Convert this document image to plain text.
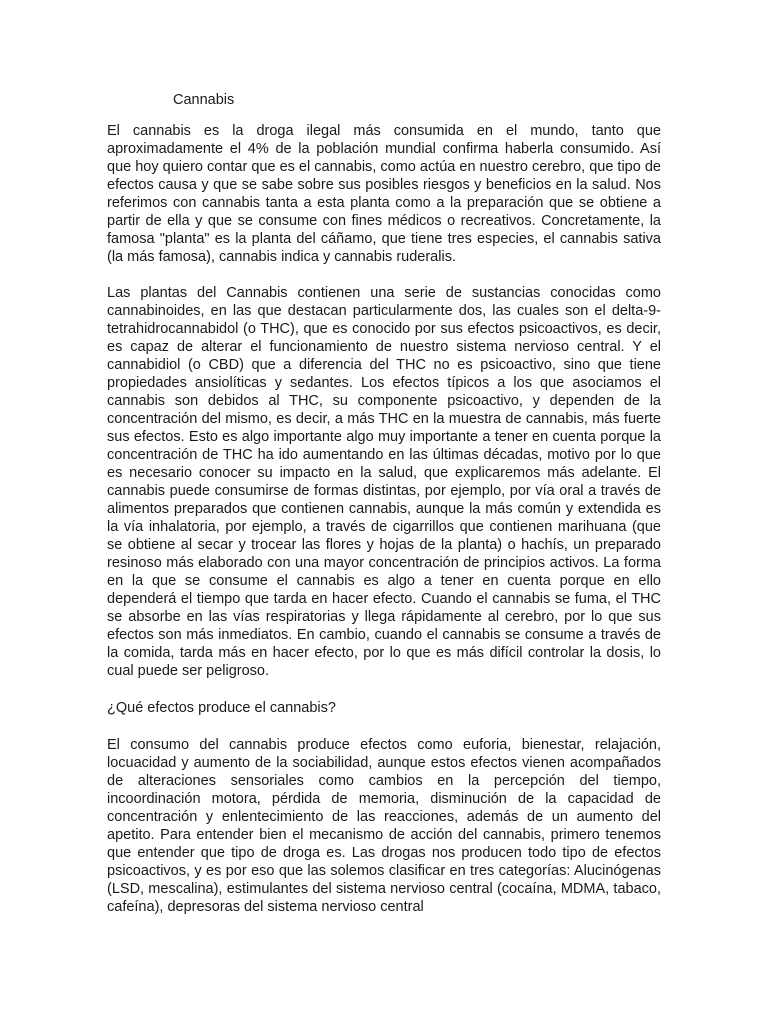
Cannabis

El cannabis es la droga ilegal más consumida en el mundo, tanto que aproximadamente el 4% de la población mundial confirma haberla consumido. Así que hoy quiero contar que es el cannabis, como actúa en nuestro cerebro, que tipo de efectos causa y que se sabe sobre sus posibles riesgos y beneficios en la salud. Nos referimos con cannabis tanta a esta planta como a la preparación que se obtiene a partir de ella y que se consume con fines médicos o recreativos. Concretamente, la famosa "planta" es la planta del cáñamo, que tiene tres especies, el cannabis sativa (la más famosa), cannabis indica y cannabis ruderalis.

Las plantas del Cannabis contienen una serie de sustancias conocidas como cannabinoides, en las que destacan particularmente dos, las cuales son el delta-9-tetrahidrocannabidol (o THC), que es conocido por sus efectos psicoactivos, es decir, es capaz de alterar el funcionamiento de nuestro sistema nervioso central. Y el cannabidiol (o CBD) que a diferencia del THC no es psicoactivo, sino que tiene propiedades ansiolíticas y sedantes. Los efectos típicos a los que asociamos el cannabis son debidos al THC, su componente psicoactivo, y dependen de la concentración del mismo, es decir, a más THC en la muestra de cannabis, más fuerte sus efectos. Esto es algo importante algo muy importante a tener en cuenta porque la concentración de THC ha ido aumentando en las últimas décadas, motivo por lo que es necesario conocer su impacto en la salud, que explicaremos más adelante. El cannabis puede consumirse de formas distintas, por ejemplo, por vía oral a través de alimentos preparados que contienen cannabis, aunque la más común y extendida es la vía inhalatoria, por ejemplo, a través de cigarrillos que contienen marihuana (que se obtiene al secar y trocear las flores y hojas de la planta) o hachís, un preparado resinoso más elaborado con una mayor concentración de principios activos. La forma en la que se consume el cannabis es algo a tener en cuenta porque en ello dependerá el tiempo que tarda en hacer efecto. Cuando el cannabis se fuma, el THC se absorbe en las vías respiratorias y llega rápidamente al cerebro, por lo que sus efectos son más inmediatos. En cambio, cuando el cannabis se consume a través de la comida, tarda más en hacer efecto, por lo que es más difícil controlar la dosis, lo cual puede ser peligroso.

¿Qué efectos produce el cannabis?

El consumo del cannabis produce efectos como euforia, bienestar, relajación, locuacidad y aumento de la sociabilidad, aunque estos efectos vienen acompañados de alteraciones sensoriales como cambios en la percepción del tiempo, incoordinación motora, pérdida de memoria, disminución de la capacidad de concentración y enlentecimiento de las reacciones, además de un aumento del apetito. Para entender bien el mecanismo de acción del cannabis, primero tenemos que entender que tipo de droga es. Las drogas nos producen todo tipo de efectos psicoactivos, y es por eso que las solemos clasificar en tres categorías: Alucinógenas (LSD, mescalina), estimulantes del sistema nervioso central (cocaína, MDMA, tabaco, cafeína), depresoras del sistema nervioso central
